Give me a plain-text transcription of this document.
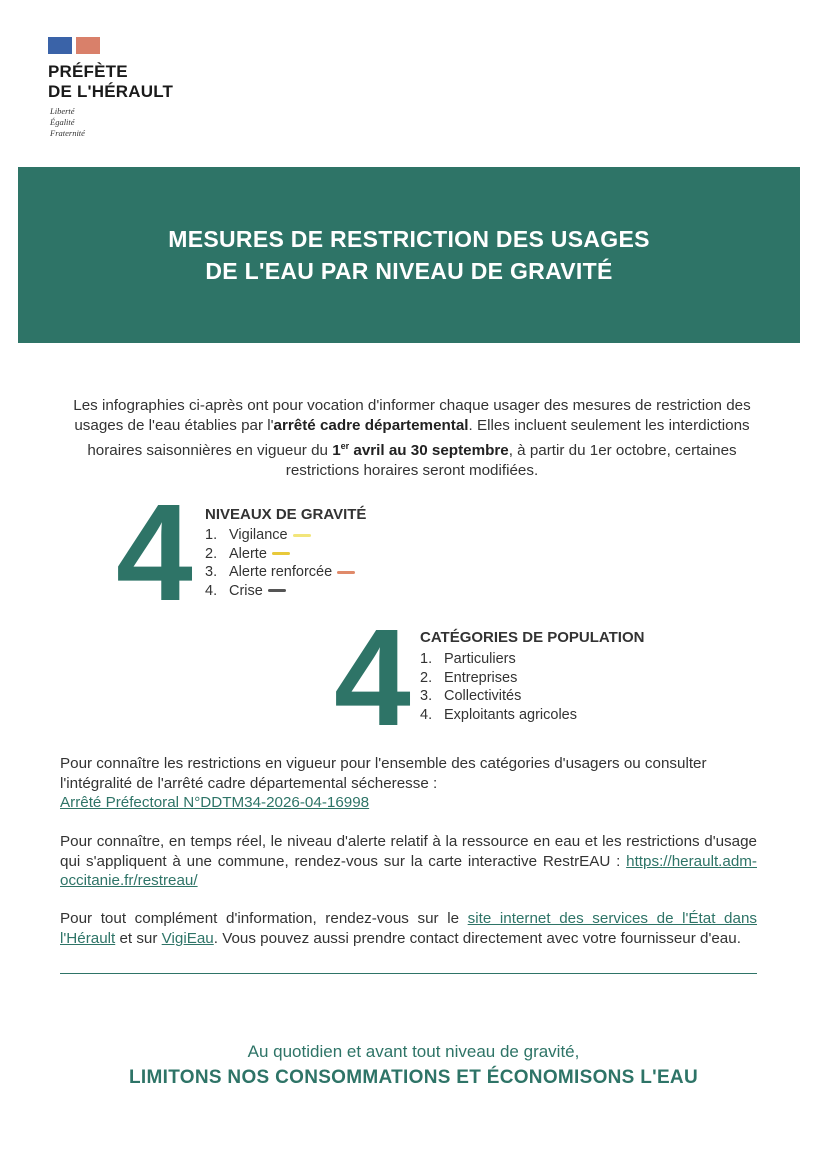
PRÉFÈTE
DE L'HÉRAULT
Liberté
Égalité
Fraternité
MESURES DE RESTRICTION DES USAGES
DE L'EAU PAR NIVEAU DE GRAVITÉ
Les infographies ci-après ont pour vocation d'informer chaque usager des mesures de restriction des usages de l'eau établies par l'arrêté cadre départemental. Elles incluent seulement les interdictions horaires saisonnières en vigueur du 1er avril au 30 septembre, à partir du 1er octobre, certaines restrictions horaires seront modifiées.
4 NIVEAUX DE GRAVITÉ
1. Vigilance
2. Alerte
3. Alerte renforcée
4. Crise
4 CATÉGORIES DE POPULATION
1. Particuliers
2. Entreprises
3. Collectivités
4. Exploitants agricoles
Pour connaître les restrictions en vigueur pour l'ensemble des catégories d'usagers ou consulter l'intégralité de l'arrêté cadre départemental sécheresse :
Arrêté Préfectoral N°DDTM34-2026-04-16998
Pour connaître, en temps réel, le niveau d'alerte relatif à la ressource en eau et les restrictions d'usage qui s'appliquent à une commune, rendez-vous sur la carte interactive RestrEAU : https://herault.adm-occitanie.fr/restreau/
Pour tout complément d'information, rendez-vous sur le site internet des services de l'État dans l'Hérault et sur VigiEau. Vous pouvez aussi prendre contact directement avec votre fournisseur d'eau.
Au quotidien et avant tout niveau de gravité,
LIMITONS NOS CONSOMMATIONS ET ÉCONOMISONS L'EAU
